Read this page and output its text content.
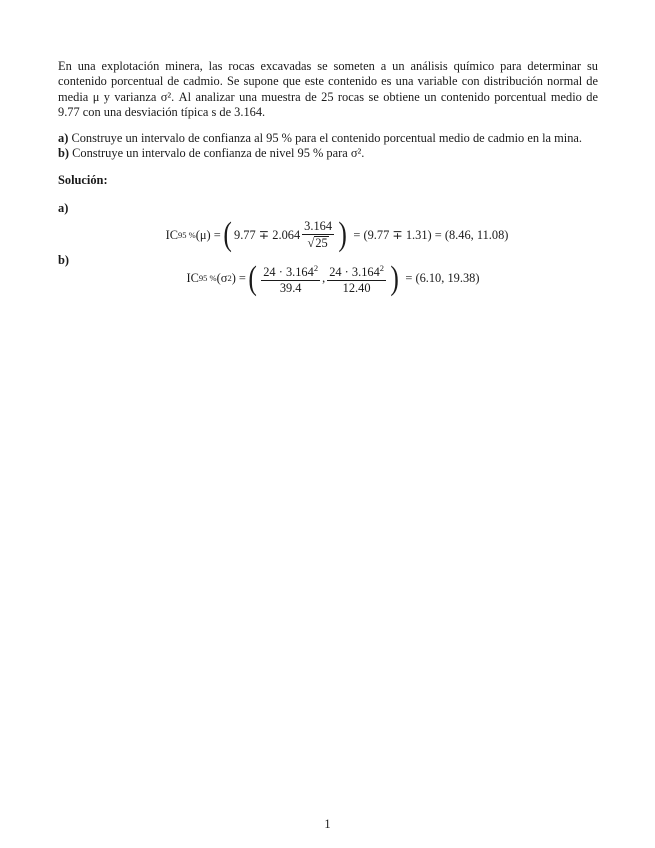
En una explotación minera, las rocas excavadas se someten a un análisis químico para determinar su contenido porcentual de cadmio. Se supone que este contenido es una variable con distribución normal de media μ y varianza σ². Al analizar una muestra de 25 rocas se obtiene un contenido porcentual medio de 9.77 con una desviación típica s de 3.164.

a) Construye un intervalo de confianza al 95 % para el contenido porcentual medio de cadmio en la mina.

b) Construye un intervalo de confianza de nivel 95 % para σ².

Solución:
a)
IC 95 % (μ) = ( $9.77 \mp 2.064 \frac{3.164}{√ 25}$ ) = (9.77 ∓ 1.31) = (8.46, 11.08)
b)
IC 95 % (σ 2 ) = ( $\frac{24 \cdot 3.164^2}{39.4}$ , $\frac{24 \cdot 3.164^2}{12.40}$ ) = (6.10, 19.38)
1
